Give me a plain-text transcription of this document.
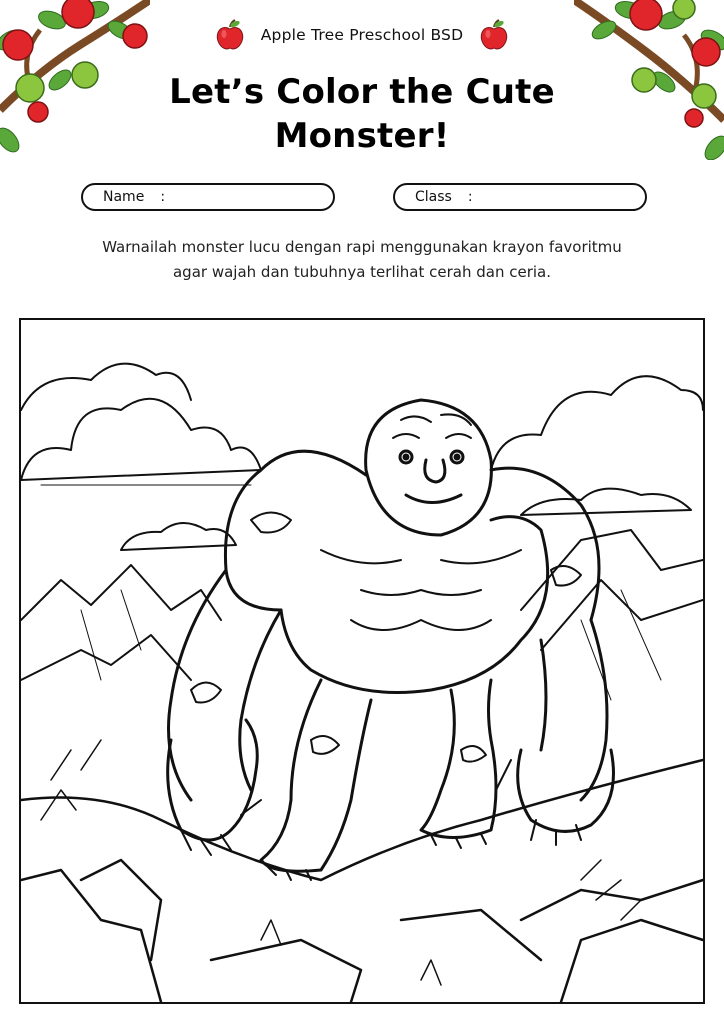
Apple Tree Preschool BSD
Let’s Color the Cute Monster!
Name :	Class :
Warnailah monster lucu dengan rapi menggunakan krayon favoritmu
agar wajah dan tubuhnya terlihat cerah dan ceria.
